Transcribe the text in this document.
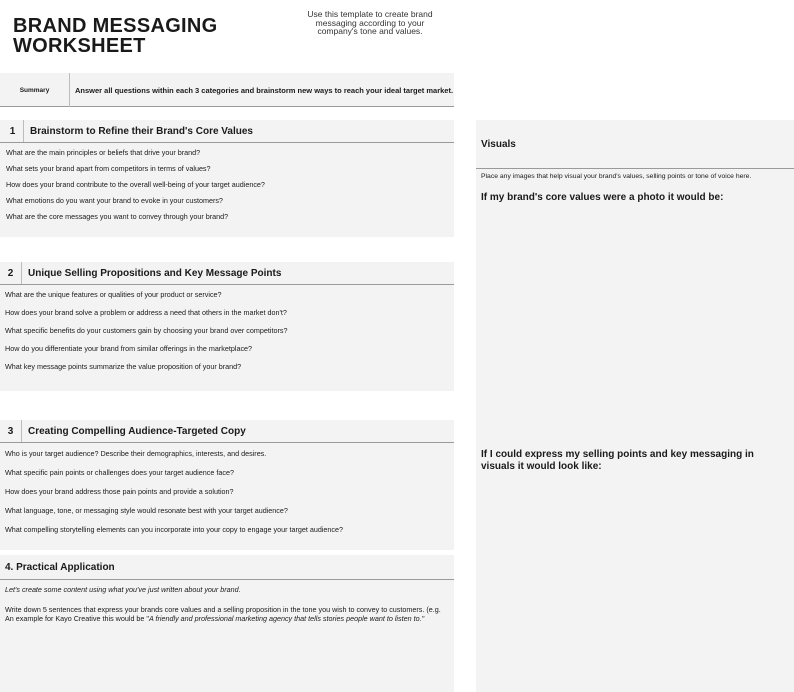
BRAND MESSAGING
WORKSHEET
Use this template to create brand messaging according to your company's tone and values.
Summary	Answer all questions within each 3 categories and brainstorm new ways to reach your ideal target market.
1	Brainstorm to Refine their Brand's Core Values
What are the main principles or beliefs that drive your brand?
What sets your brand apart from competitors in terms of values?
How does your brand contribute to the overall well-being of your target audience?
What emotions do you want your brand to evoke in your customers?
What are the core messages you want to convey through your brand?
2	Unique Selling Propositions and Key Message Points
What are the unique features or qualities of your product or service?
How does your brand solve a problem or address a need that others in the market don't?
What specific benefits do your customers gain by choosing your brand over competitors?
How do you differentiate your brand from similar offerings in the marketplace?
What key message points summarize the value proposition of your brand?
3	Creating Compelling Audience-Targeted Copy
Who is your target audience? Describe their demographics, interests, and desires.
What specific pain points or challenges does your target audience face?
How does your brand address those pain points and provide a solution?
What language, tone, or messaging style would resonate best with your target audience?
What compelling storytelling elements can you incorporate into your copy to engage your target audience?
4. Practical Application
Let's create some content using what you've just written about your brand.
Write down 5 sentences that express your brands core values and a selling proposition in the tone you wish to convey to customers. (e.g. An example for Kayo Creative this would be "A friendly and professional marketing agency that tells stories people want to listen to."
Visuals
Place any images that help visual your brand's values, selling points or tone of voice here.
If my brand's core values were a photo it would be:
If I could express my selling points and key messaging in visuals it would look like:
